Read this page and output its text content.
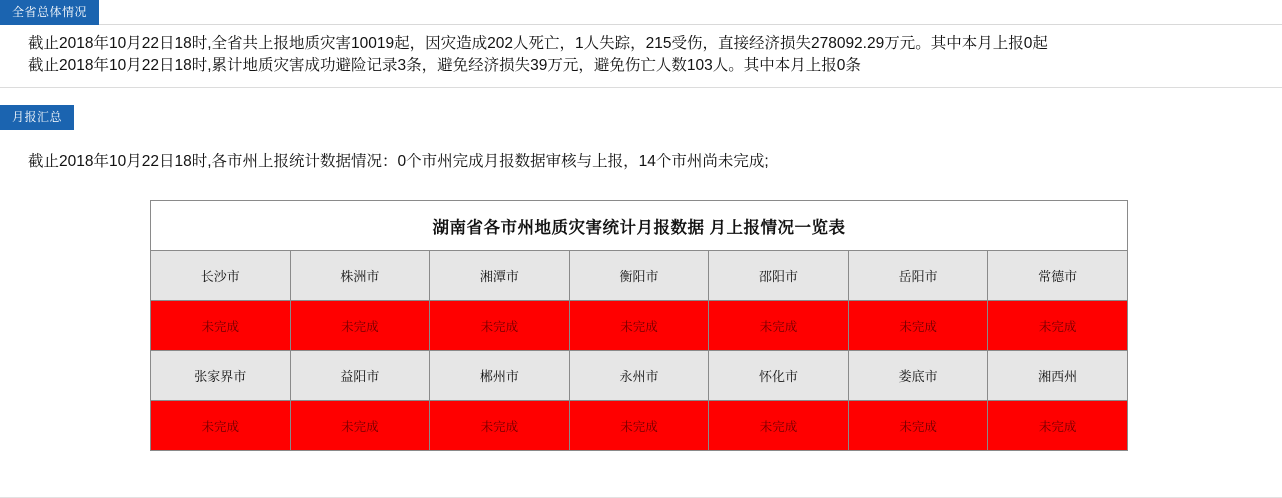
全省总体情况
截止2018年10月22日18时,全省共上报地质灾害10019起，因灾造成202人死亡，1人失踪，215受伤，直接经济损失278092.29万元。其中本月上报0起
截止2018年10月22日18时,累计地质灾害成功避险记录3条，避免经济损失39万元，避免伤亡人数103人。其中本月上报0条
月报汇总
截止2018年10月22日18时,各市州上报统计数据情况：0个市州完成月报数据审核与上报，14个市州尚未完成;
湖南省各市州地质灾害统计月报数据 月上报情况一览表						
长沙市	株洲市	湘潭市	衡阳市	邵阳市	岳阳市	常德市
未完成	未完成	未完成	未完成	未完成	未完成	未完成
张家界市	益阳市	郴州市	永州市	怀化市	娄底市	湘西州
未完成	未完成	未完成	未完成	未完成	未完成	未完成
